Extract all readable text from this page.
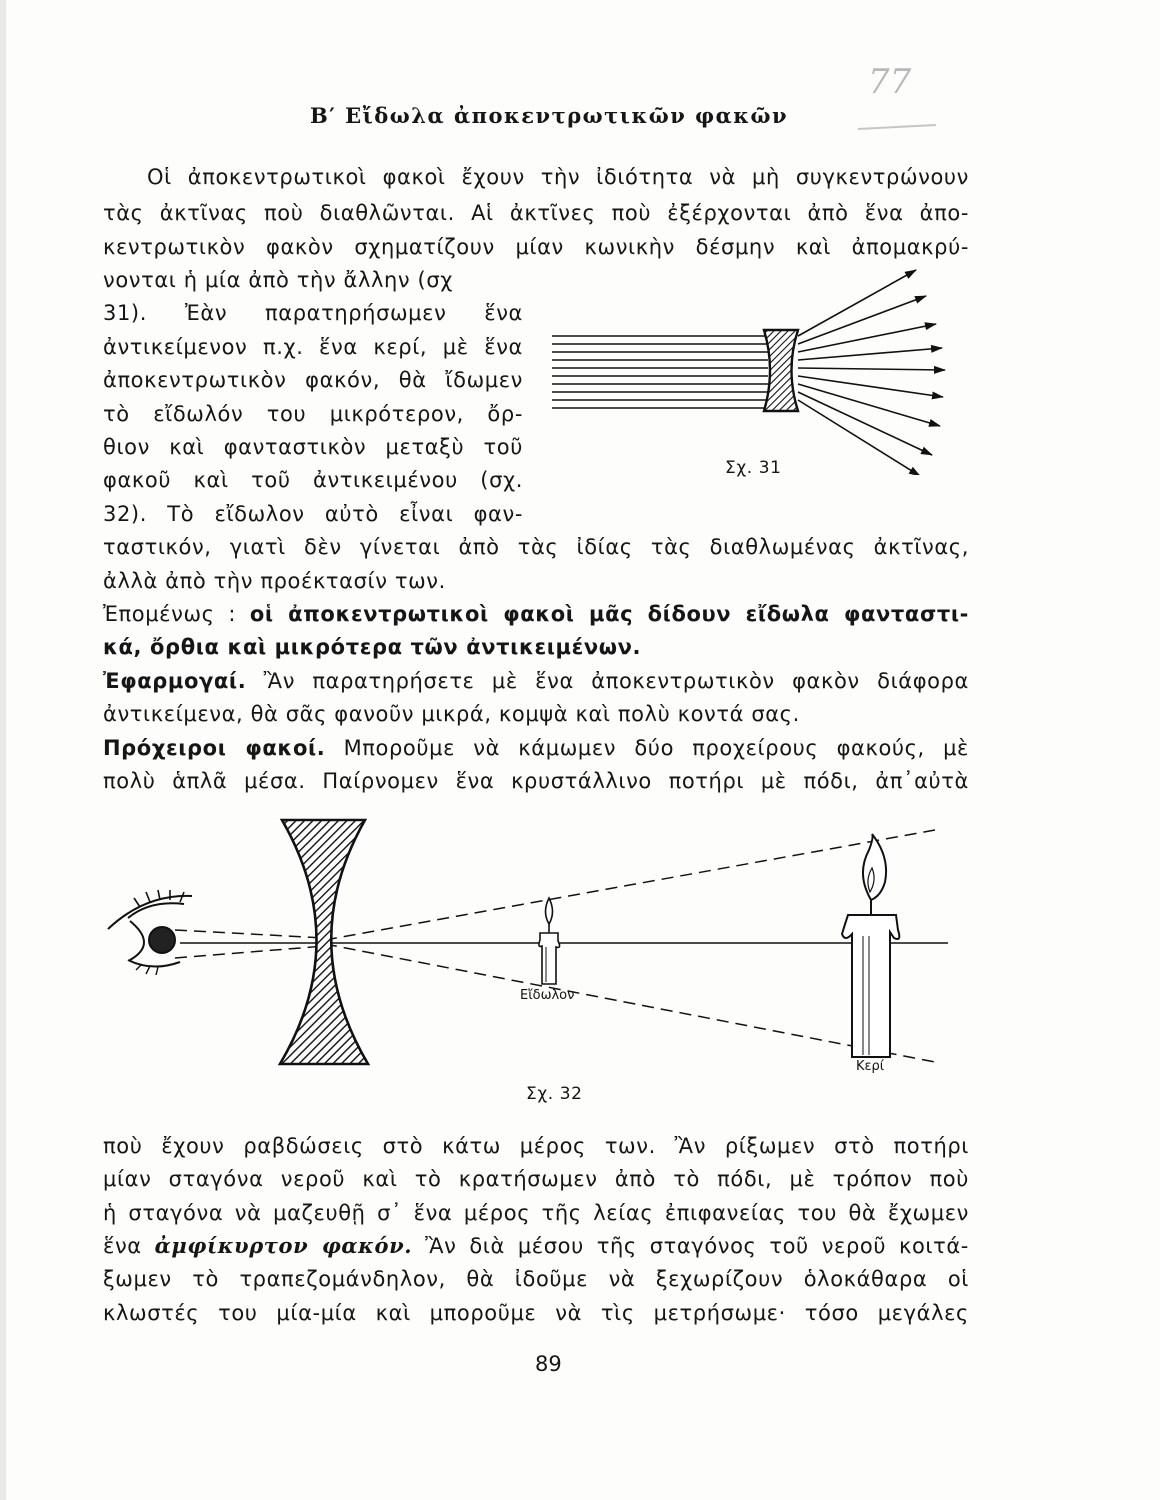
77
Β′ Εἴδωλα ἀποκεντρωτικῶν φακῶν
Οἱ ἀποκεντρωτικοὶ φακοὶ ἔχουν τὴν ἰδιότητα νὰ μὴ συγκεντρώνουν
τὰς ἀκτῖνας ποὺ διαθλῶνται. Αἱ ἀκτῖνες ποὺ ἐξέρχονται ἀπὸ ἕνα ἀπο-
κεντρωτικὸν φακὸν σχηματίζουν μίαν κωνικὴν δέσμην καὶ ἀπομακρύ-
νονται ἡ μία ἀπὸ τὴν ἄλλην (σχ
31). Ἐὰν παρατηρήσωμεν ἕνα
ἀντικείμενον π.χ. ἕνα κερί, μὲ ἕνα
ἀποκεντρωτικὸν φακόν, θὰ ἴδωμεν
τὸ εἴδωλόν του μικρότερον, ὄρ-
θιον καὶ φανταστικὸν μεταξὺ τοῦ
φακοῦ καὶ τοῦ ἀντικειμένου (σχ.
32). Τὸ εἴδωλον αὐτὸ εἶναι φαν-
ταστικόν, γιατὶ δὲν γίνεται ἀπὸ τὰς ἰδίας τὰς διαθλωμένας ἀκτῖνας,
ἀλλὰ ἀπὸ τὴν προέκτασίν των.
Ἐπομένως : οἱ ἀποκεντρωτικοὶ φακοὶ μᾶς δίδουν εἴδωλα φανταστι-
κά, ὄρθια καὶ μικρότερα τῶν ἀντικειμένων.
Ἐφαρμογαί. Ἂν παρατηρήσετε μὲ ἕνα ἀποκεντρωτικὸν φακὸν διάφορα
ἀντικείμενα, θὰ σᾶς φανοῦν μικρά, κομψὰ καὶ πολὺ κοντά σας.
Πρόχειροι φακοί. Μποροῦμε νὰ κάμωμεν δύο προχείρους φακούς, μὲ
πολὺ ἁπλᾶ μέσα. Παίρνομεν ἕνα κρυστάλλινο ποτήρι μὲ πόδι, ἀπ᾽αὐτὰ
Σχ. 31
Εἴδωλον
Κερί
Σχ. 32
ποὺ ἔχουν ραβδώσεις στὸ κάτω μέρος των. Ἂν ρίξωμεν στὸ ποτήρι
μίαν σταγόνα νεροῦ καὶ τὸ κρατήσωμεν ἀπὸ τὸ πόδι, μὲ τρόπον ποὺ
ἡ σταγόνα νὰ μαζευθῇ σ᾽ ἕνα μέρος τῆς λείας ἐπιφανείας του θὰ ἔχωμεν
ἕνα ἀμφίκυρτον φακόν. Ἂν διὰ μέσου τῆς σταγόνος τοῦ νεροῦ κοιτά-
ξωμεν τὸ τραπεζομάνδηλον, θὰ ἰδοῦμε νὰ ξεχωρίζουν ὁλοκάθαρα οἱ
κλωστές του μία-μία καὶ μποροῦμε νὰ τὶς μετρήσωμε· τόσο μεγάλες
89
